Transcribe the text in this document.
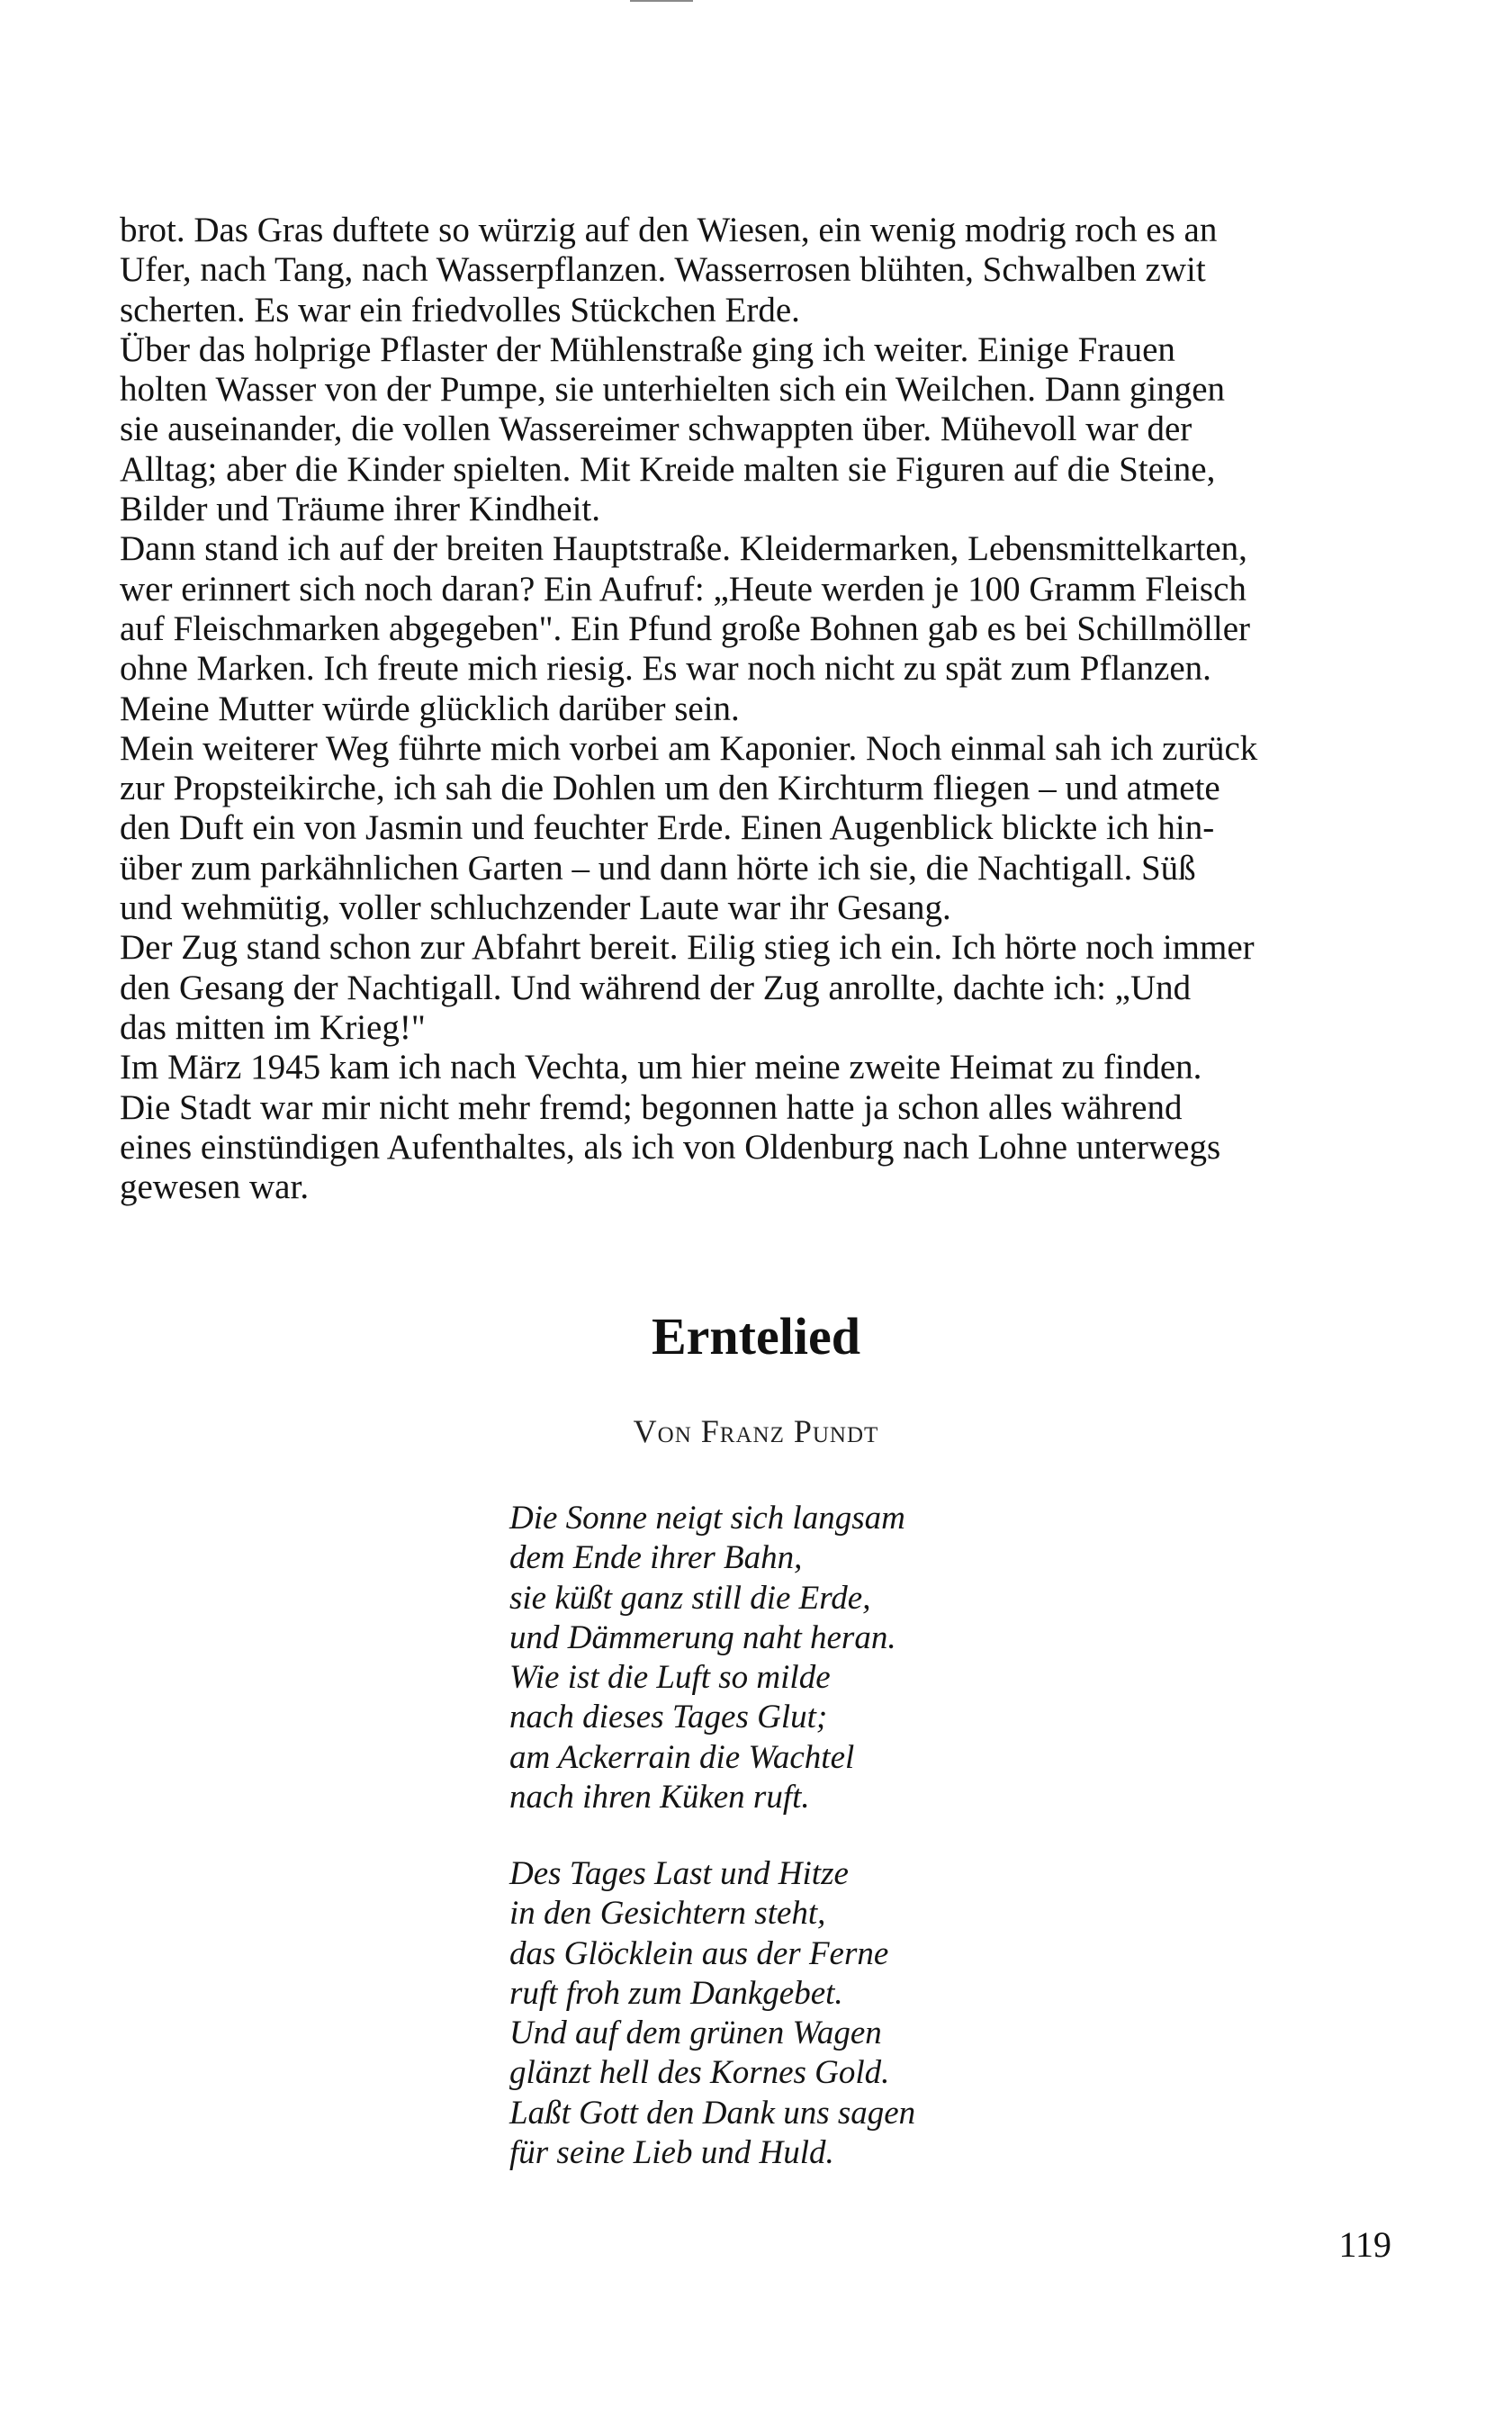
brot. Das Gras duftete so würzig auf den Wiesen, ein wenig modrig roch es an
Ufer, nach Tang, nach Wasserpflanzen. Wasserrosen blühten, Schwalben zwit
scherten. Es war ein friedvolles Stückchen Erde.
Über das holprige Pflaster der Mühlenstraße ging ich weiter. Einige Frauen
holten Wasser von der Pumpe, sie unterhielten sich ein Weilchen. Dann gingen
sie auseinander, die vollen Wassereimer schwappten über. Mühevoll war der
Alltag; aber die Kinder spielten. Mit Kreide malten sie Figuren auf die Steine,
Bilder und Träume ihrer Kindheit.
Dann stand ich auf der breiten Hauptstraße. Kleidermarken, Lebensmittelkarten,
wer erinnert sich noch daran? Ein Aufruf: „Heute werden je 100 Gramm Fleisch
auf Fleischmarken abgegeben". Ein Pfund große Bohnen gab es bei Schillmöller
ohne Marken. Ich freute mich riesig. Es war noch nicht zu spät zum Pflanzen.
Meine Mutter würde glücklich darüber sein.
Mein weiterer Weg führte mich vorbei am Kaponier. Noch einmal sah ich zurück
zur Propsteikirche, ich sah die Dohlen um den Kirchturm fliegen – und atmete
den Duft ein von Jasmin und feuchter Erde. Einen Augenblick blickte ich hin-
über zum parkähnlichen Garten – und dann hörte ich sie, die Nachtigall. Süß
und wehmütig, voller schluchzender Laute war ihr Gesang.
Der Zug stand schon zur Abfahrt bereit. Eilig stieg ich ein. Ich hörte noch immer
den Gesang der Nachtigall. Und während der Zug anrollte, dachte ich: „Und
das mitten im Krieg!"
Im März 1945 kam ich nach Vechta, um hier meine zweite Heimat zu finden.
Die Stadt war mir nicht mehr fremd; begonnen hatte ja schon alles während
eines einstündigen Aufenthaltes, als ich von Oldenburg nach Lohne unterwegs
gewesen war.
Erntelied
Von Franz Pundt
Die Sonne neigt sich langsam
dem Ende ihrer Bahn,
sie küßt ganz still die Erde,
und Dämmerung naht heran.
Wie ist die Luft so milde
nach dieses Tages Glut;
am Ackerrain die Wachtel
nach ihren Küken ruft.
Des Tages Last und Hitze
in den Gesichtern steht,
das Glöcklein aus der Ferne
ruft froh zum Dankgebet.
Und auf dem grünen Wagen
glänzt hell des Kornes Gold.
Laßt Gott den Dank uns sagen
für seine Lieb und Huld.
119
